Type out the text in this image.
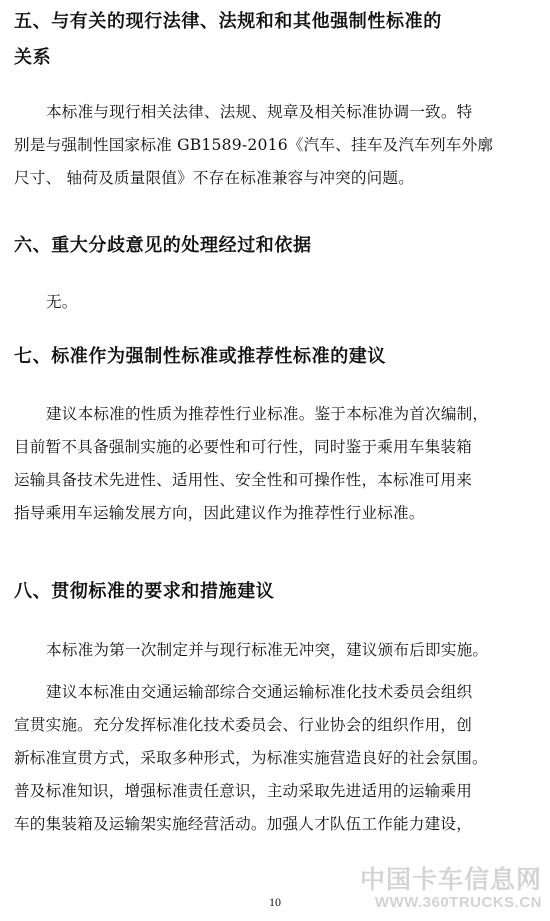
五、与有关的现行法律、法规和和其他强制性标准的
关系

本标准与现行相关法律、法规、规章及相关标准协调一致。特
别是与强制性国家标准 GB1589-2016《汽车、挂车及汽车列车外廓
尺寸、 轴荷及质量限值》不存在标准兼容与冲突的问题。

六、重大分歧意见的处理经过和依据

无。

七、标准作为强制性标准或推荐性标准的建议

建议本标准的性质为推荐性行业标准。鉴于本标准为首次编制，
目前暂不具备强制实施的必要性和可行性，同时鉴于乘用车集装箱
运输具备技术先进性、适用性、安全性和可操作性，本标准可用来
指导乘用车运输发展方向，因此建议作为推荐性行业标准。

八、贯彻标准的要求和措施建议

本标准为第一次制定并与现行标准无冲突，建议颁布后即实施。

建议本标准由交通运输部综合交通运输标准化技术委员会组织
宣贯实施。充分发挥标准化技术委员会、行业协会的组织作用，创
新标准宣贯方式，采取多种形式，为标准实施营造良好的社会氛围。
普及标准知识，增强标准责任意识，主动采取先进适用的运输乘用
车的集装箱及运输架实施经营活动。加强人才队伍工作能力建设，

10
中国卡车信息网
WWW.360TRUCKS.CN
